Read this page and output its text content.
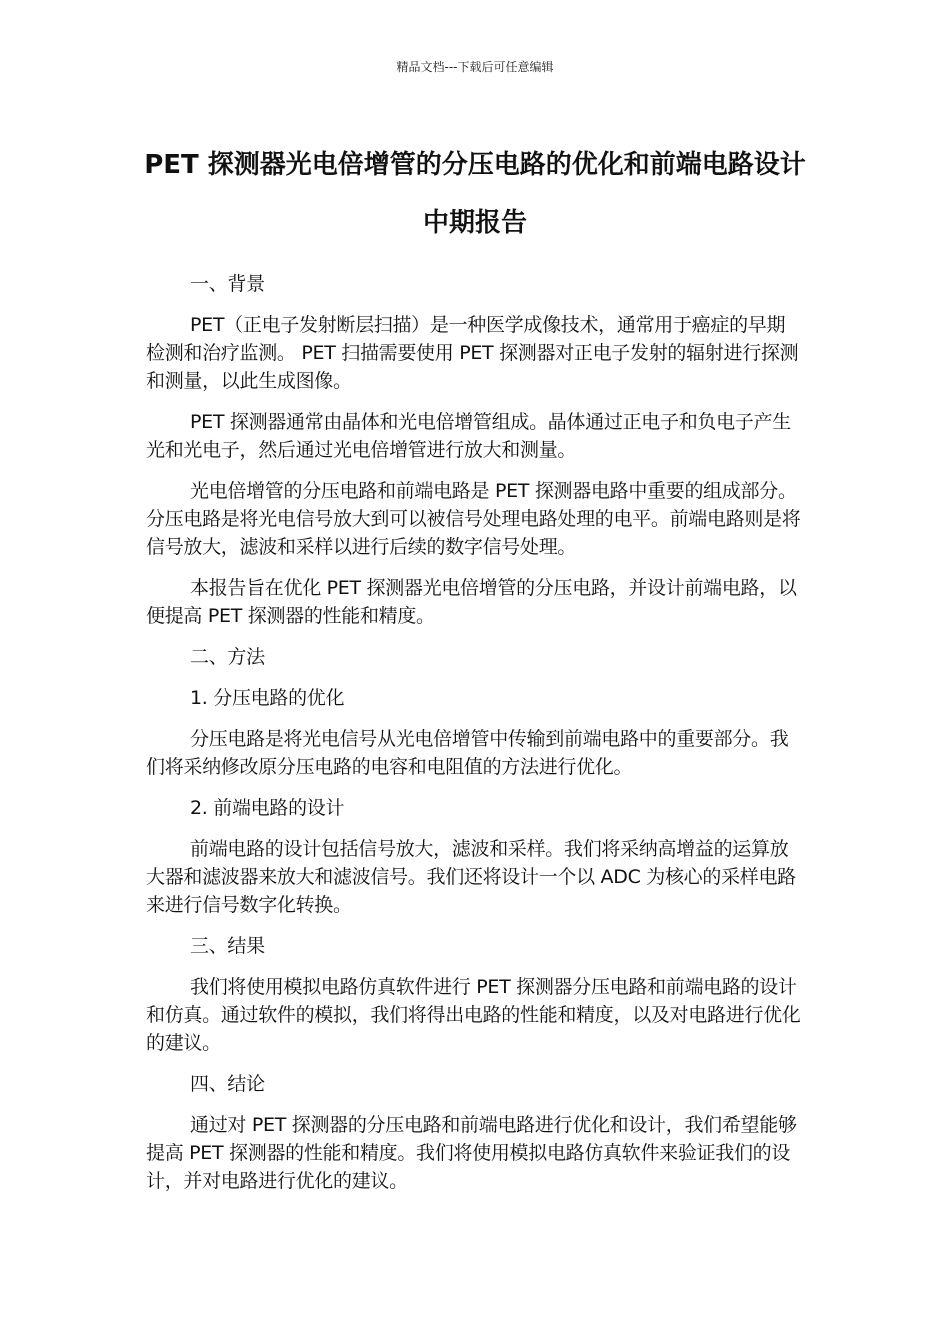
精品文档---下载后可任意编辑
PET 探测器光电倍增管的分压电路的优化和前端电路设计中期报告

一、背景

PET（正电子发射断层扫描）是一种医学成像技术，通常用于癌症的早期检测和治疗监测。 PET 扫描需要使用 PET 探测器对正电子发射的辐射进行探测和测量，以此生成图像。

PET 探测器通常由晶体和光电倍增管组成。晶体通过正电子和负电子产生光和光电子，然后通过光电倍增管进行放大和测量。

光电倍增管的分压电路和前端电路是 PET 探测器电路中重要的组成部分。分压电路是将光电信号放大到可以被信号处理电路处理的电平。前端电路则是将信号放大，滤波和采样以进行后续的数字信号处理。

本报告旨在优化 PET 探测器光电倍增管的分压电路，并设计前端电路，以便提高 PET 探测器的性能和精度。

二、方法

1. 分压电路的优化

分压电路是将光电信号从光电倍增管中传输到前端电路中的重要部分。我们将采纳修改原分压电路的电容和电阻值的方法进行优化。

2. 前端电路的设计

前端电路的设计包括信号放大，滤波和采样。我们将采纳高增益的运算放大器和滤波器来放大和滤波信号。我们还将设计一个以 ADC 为核心的采样电路来进行信号数字化转换。

三、结果

我们将使用模拟电路仿真软件进行 PET 探测器分压电路和前端电路的设计和仿真。通过软件的模拟，我们将得出电路的性能和精度，以及对电路进行优化的建议。

四、结论

通过对 PET 探测器的分压电路和前端电路进行优化和设计，我们希望能够提高 PET 探测器的性能和精度。我们将使用模拟电路仿真软件来验证我们的设计，并对电路进行优化的建议。
